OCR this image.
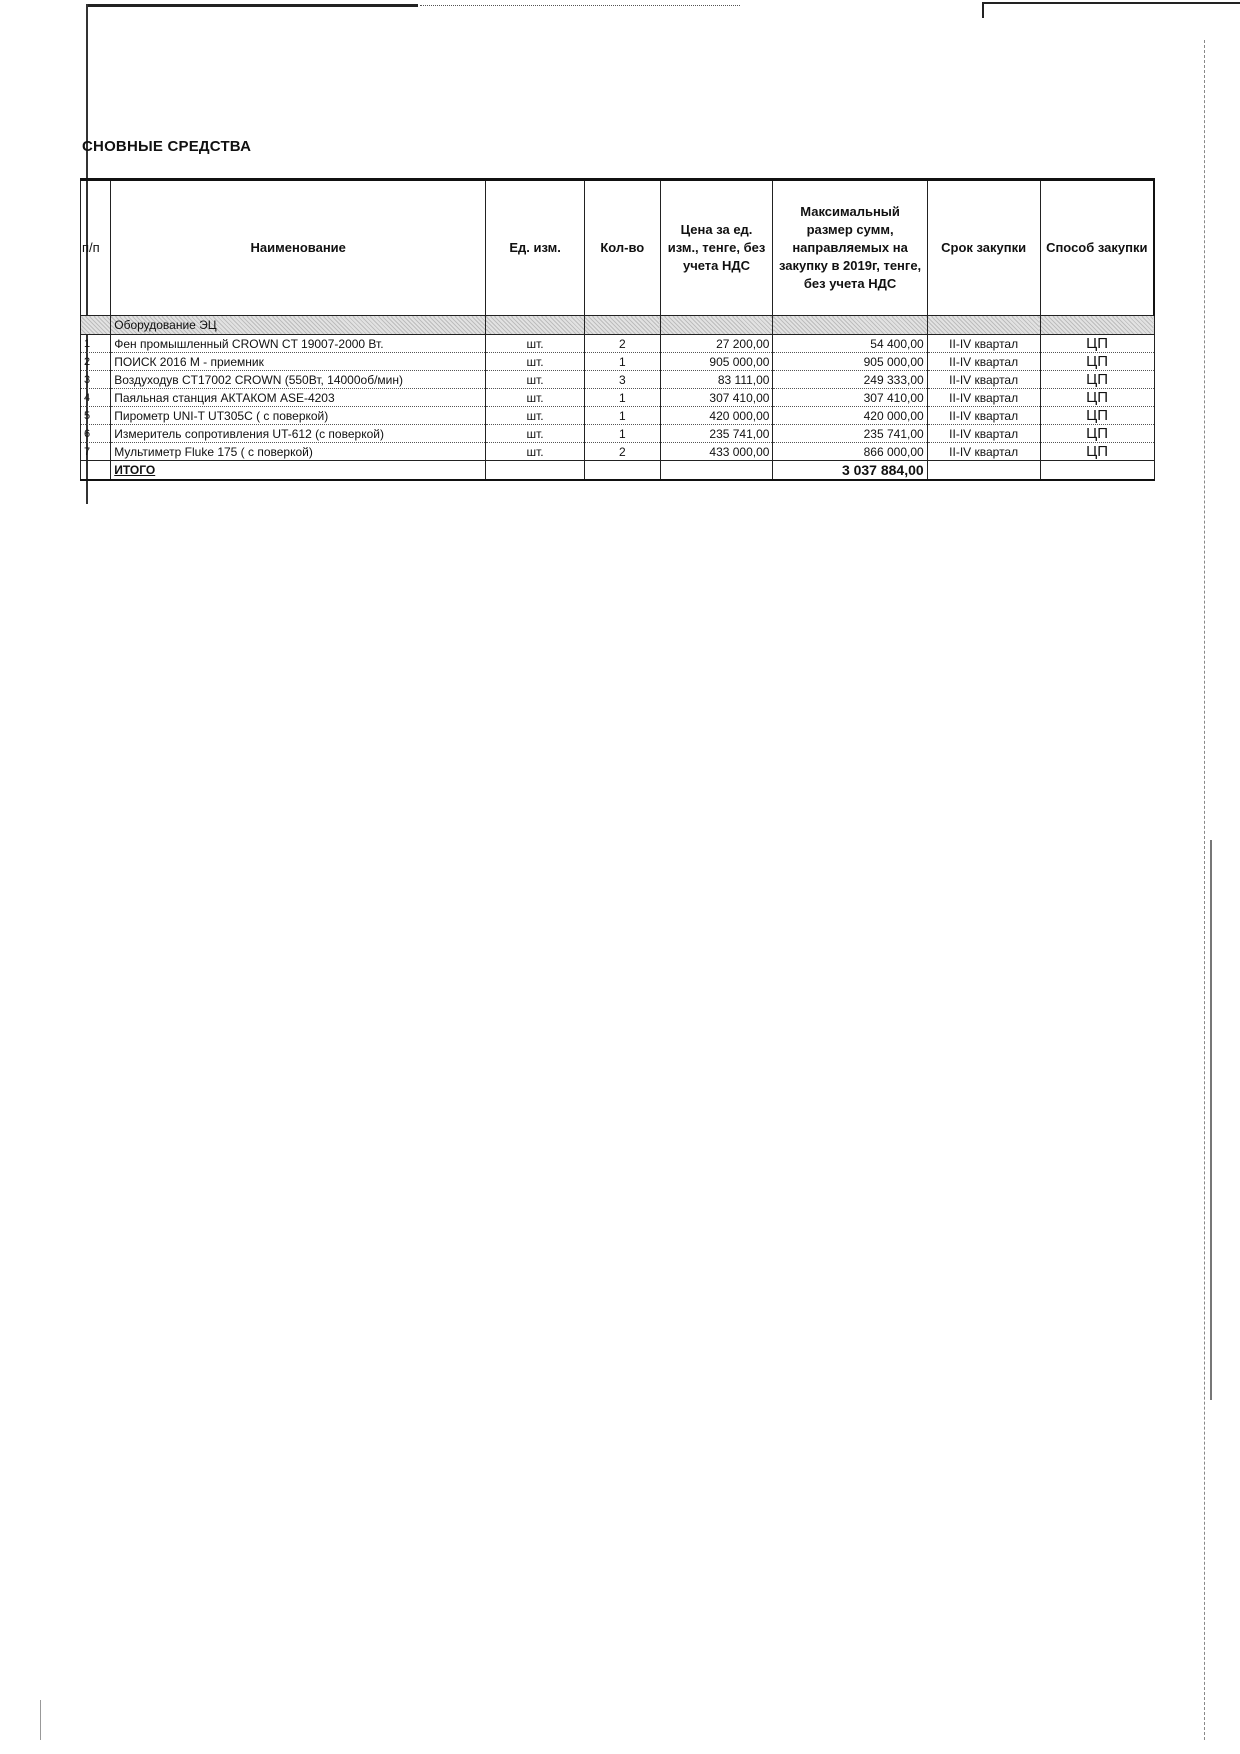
СНОВНЫЕ СРЕДСТВА
п/п	Наименование	Ед. изм.	Кол-во	Цена за ед. изм., тенге, без учета НДС	Максимальный размер сумм, направляемых на закупку в 2019г, тенге, без учета НДС	Срок закупки	Способ закупки
	Оборудование ЭЦ						
1	Фен промышленный CROWN CT 19007-2000 Вт.	шт.	2	27 200,00	54 400,00	II-IV квартал	ЦП
2	ПОИСК 2016 М - приемник	шт.	1	905 000,00	905 000,00	II-IV квартал	ЦП
3	Воздуходув CT17002 CROWN (550Вт, 14000об/мин)	шт.	3	83 111,00	249 333,00	II-IV квартал	ЦП
4	Паяльная станция АКТАКОМ ASE-4203	шт.	1	307 410,00	307 410,00	II-IV квартал	ЦП
5	Пирометр UNI-T UT305C ( с поверкой)	шт.	1	420 000,00	420 000,00	II-IV квартал	ЦП
6	Измеритель сопротивления UT-612 (с поверкой)	шт.	1	235 741,00	235 741,00	II-IV квартал	ЦП
7	Мультиметр Fluke 175 ( с поверкой)	шт.	2	433 000,00	866 000,00	II-IV квартал	ЦП
	ИТОГО				3 037 884,00		
